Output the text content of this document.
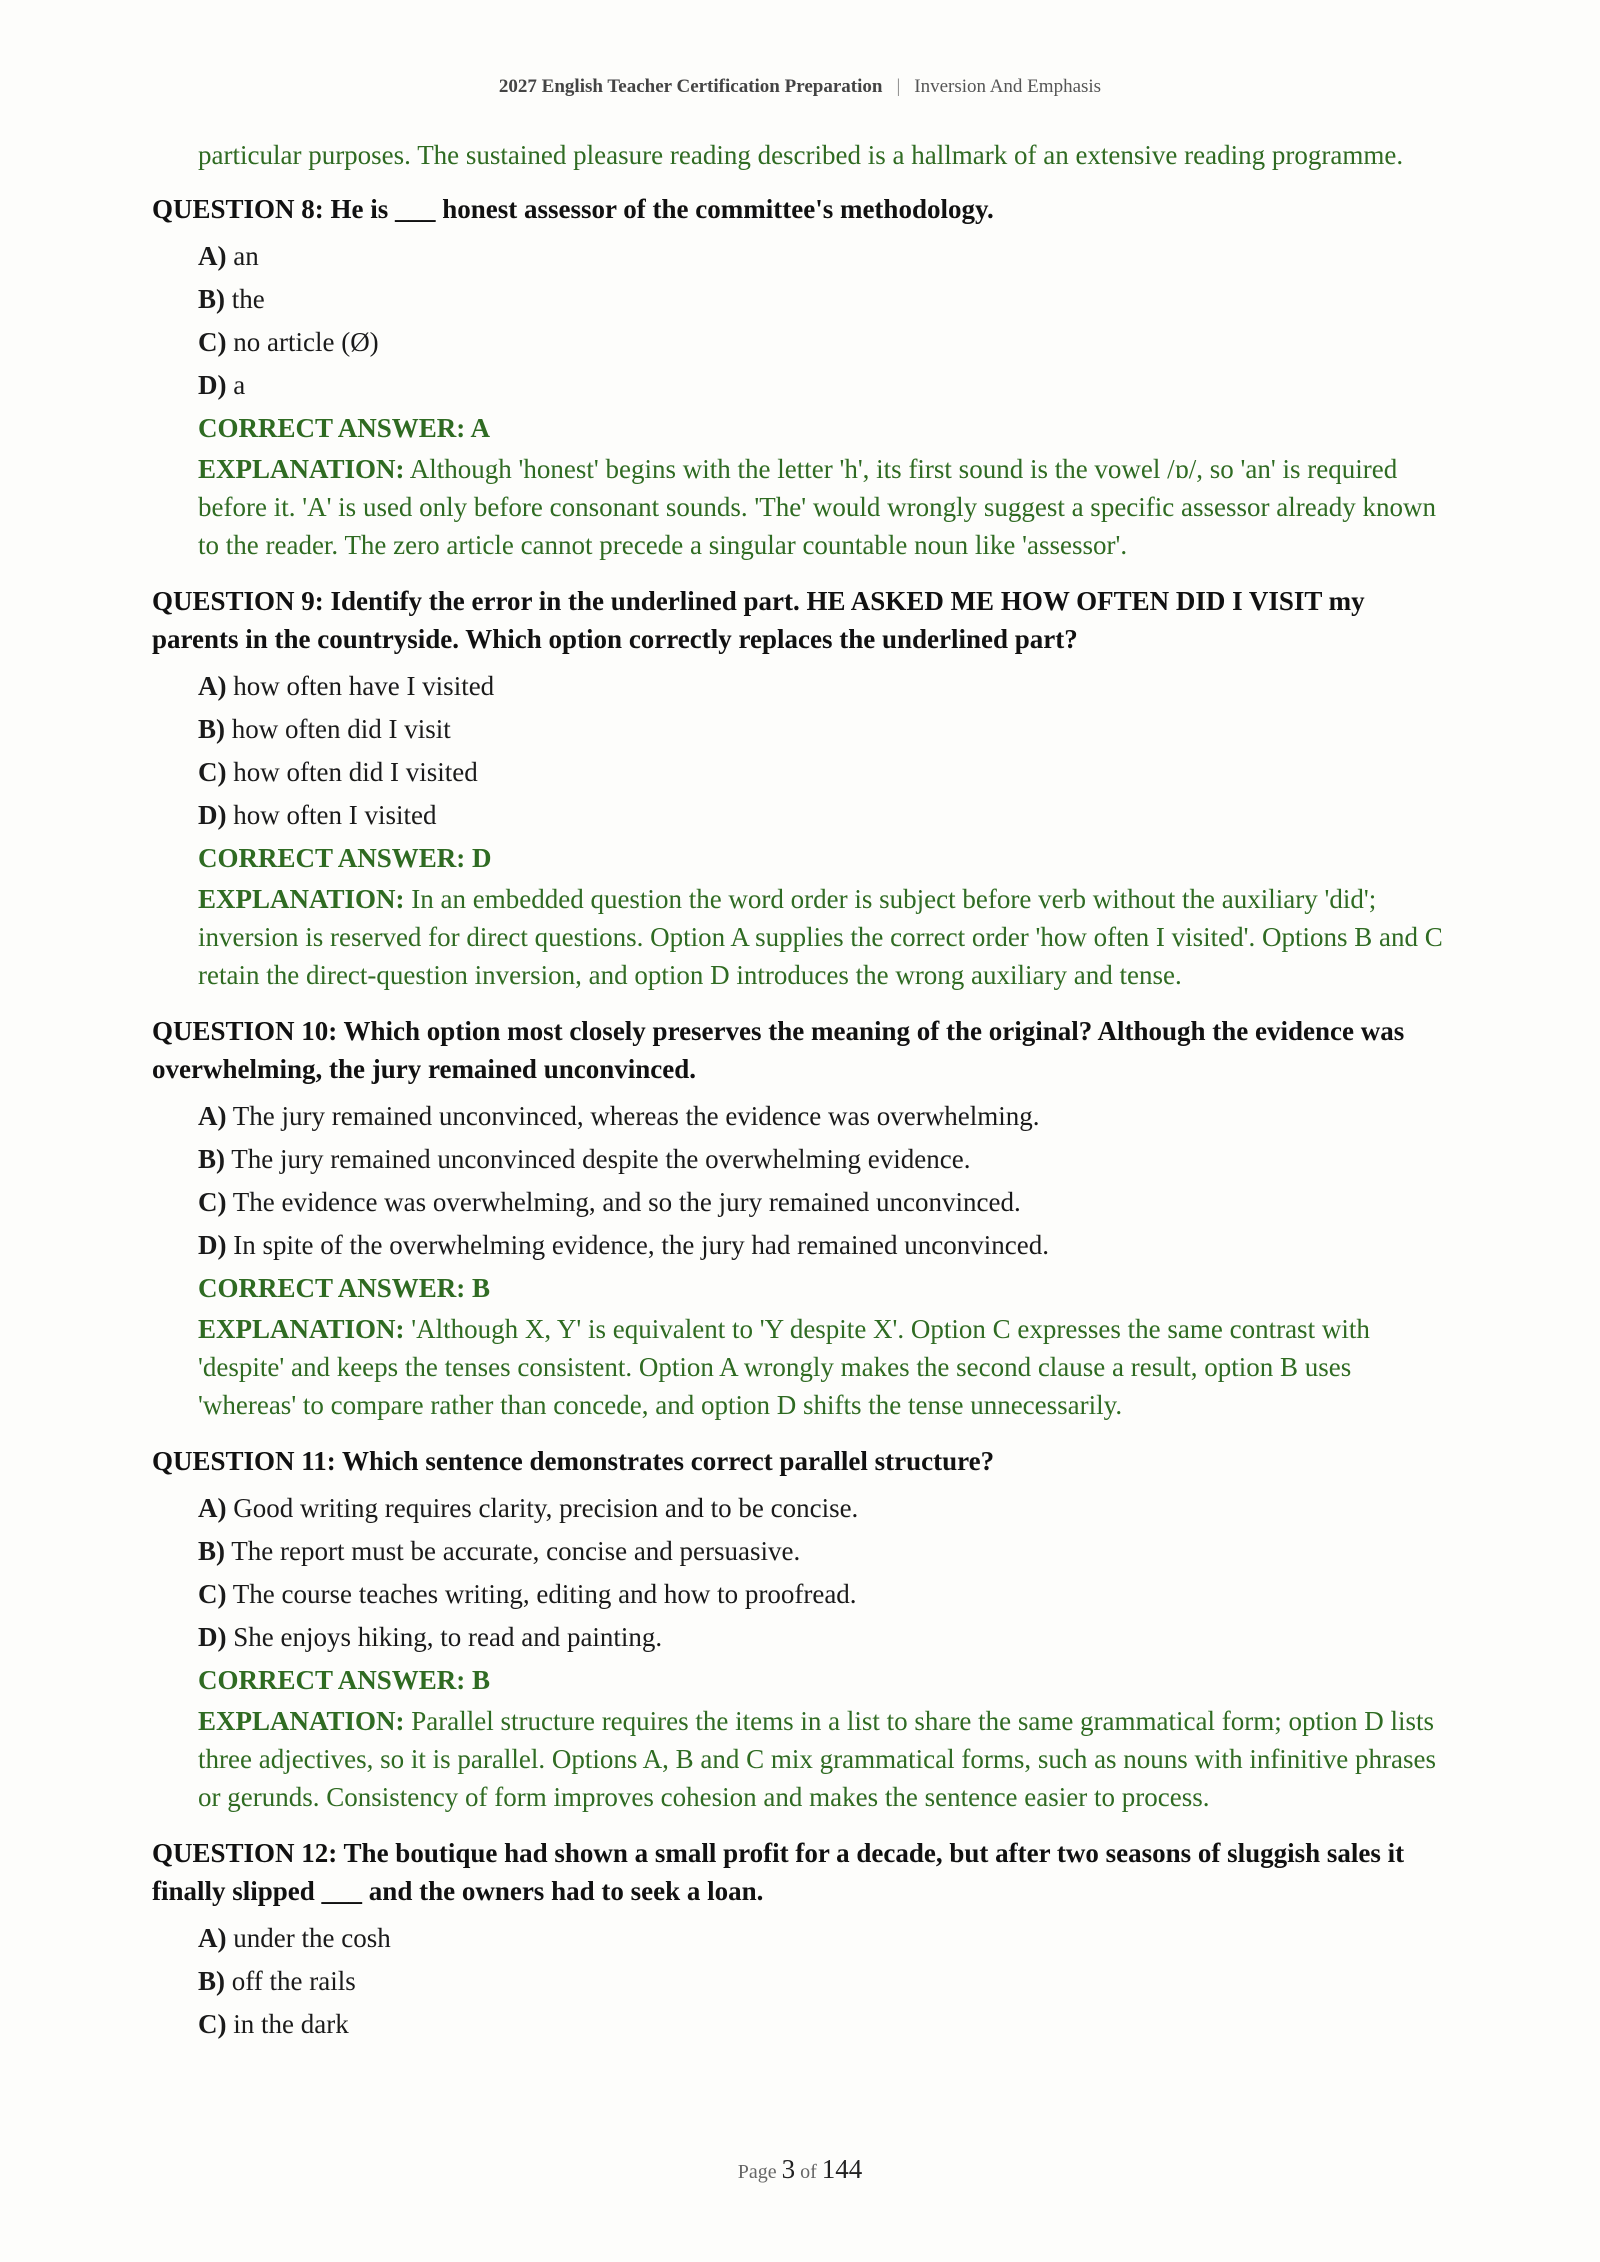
2027 English Teacher Certification Preparation | Inversion And Emphasis
particular purposes. The sustained pleasure reading described is a hallmark of an extensive reading programme.
QUESTION 8: He is ___ honest assessor of the committee's methodology.
A) an
B) the
C) no article (Ø)
D) a
CORRECT ANSWER: A
EXPLANATION: Although 'honest' begins with the letter 'h', its first sound is the vowel /ɒ/, so 'an' is required before it. 'A' is used only before consonant sounds. 'The' would wrongly suggest a specific assessor already known to the reader. The zero article cannot precede a singular countable noun like 'assessor'.
QUESTION 9: Identify the error in the underlined part. HE ASKED ME HOW OFTEN DID I VISIT my parents in the countryside. Which option correctly replaces the underlined part?
A) how often have I visited
B) how often did I visit
C) how often did I visited
D) how often I visited
CORRECT ANSWER: D
EXPLANATION: In an embedded question the word order is subject before verb without the auxiliary 'did'; inversion is reserved for direct questions. Option A supplies the correct order 'how often I visited'. Options B and C retain the direct-question inversion, and option D introduces the wrong auxiliary and tense.
QUESTION 10: Which option most closely preserves the meaning of the original? Although the evidence was overwhelming, the jury remained unconvinced.
A) The jury remained unconvinced, whereas the evidence was overwhelming.
B) The jury remained unconvinced despite the overwhelming evidence.
C) The evidence was overwhelming, and so the jury remained unconvinced.
D) In spite of the overwhelming evidence, the jury had remained unconvinced.
CORRECT ANSWER: B
EXPLANATION: 'Although X, Y' is equivalent to 'Y despite X'. Option C expresses the same contrast with 'despite' and keeps the tenses consistent. Option A wrongly makes the second clause a result, option B uses 'whereas' to compare rather than concede, and option D shifts the tense unnecessarily.
QUESTION 11: Which sentence demonstrates correct parallel structure?
A) Good writing requires clarity, precision and to be concise.
B) The report must be accurate, concise and persuasive.
C) The course teaches writing, editing and how to proofread.
D) She enjoys hiking, to read and painting.
CORRECT ANSWER: B
EXPLANATION: Parallel structure requires the items in a list to share the same grammatical form; option D lists three adjectives, so it is parallel. Options A, B and C mix grammatical forms, such as nouns with infinitive phrases or gerunds. Consistency of form improves cohesion and makes the sentence easier to process.
QUESTION 12: The boutique had shown a small profit for a decade, but after two seasons of sluggish sales it finally slipped ___ and the owners had to seek a loan.
A) under the cosh
B) off the rails
C) in the dark
Page 3 of 144
